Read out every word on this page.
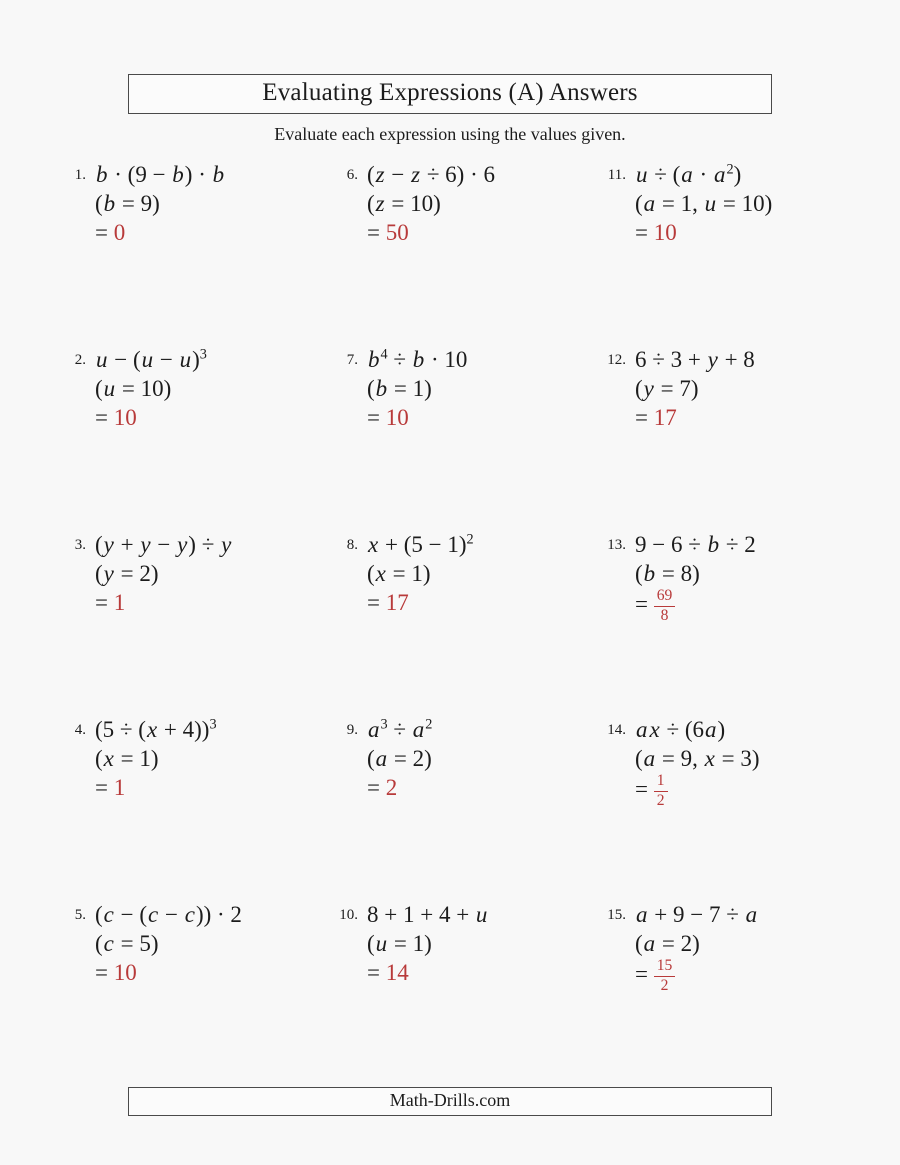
Evaluating Expressions (A) Answers
Evaluate each expression using the values given.
1. b · (9 − b) · b
(b = 9)
= 0
2. $u - (u - u)^3$
(u = 10)
= 10
3. (y + y − y) ÷ y
(y = 2)
= 1
4. $(5 \div (x + 4))^3$
(x = 1)
= 1
5. (c − (c − c)) · 2
(c = 5)
= 10
6. (z − z ÷ 6) · 6
(z = 10)
= 50
7. $b^4 \div b \cdot 10$
(b = 1)
= 10
8. $x + (5 - 1)^2$
(x = 1)
= 17
9. $a^3 \div a^2$
(a = 2)
= 2
10. 8 + 1 + 4 + u
(u = 1)
= 14
11. $u \div (a \cdot a^2)$
(a = 1, u = 10)
= 10
12. 6 ÷ 3 + y + 8
(y = 7)
= 17
13. 9 − 6 ÷ b ÷ 2
(b = 8)
= $\frac{69}{8}$
14. ax ÷ (6a)
(a = 9, x = 3)
= $\frac{1}{2}$
15. a + 9 − 7 ÷ a
(a = 2)
= $\frac{15}{2}$
Math-Drills.com
